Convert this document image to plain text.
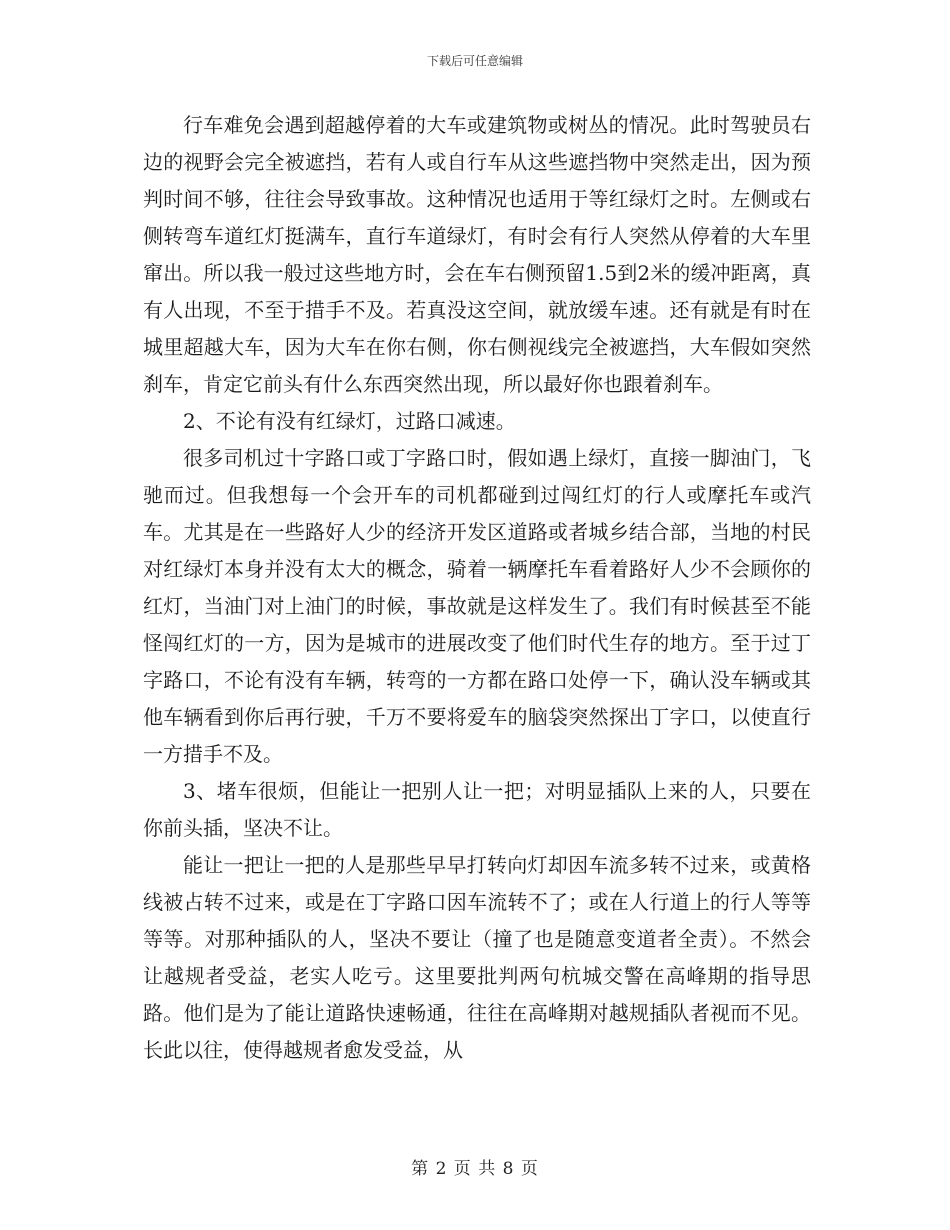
下载后可任意编辑

行车难免会遇到超越停着的大车或建筑物或树丛的情况。此时驾驶员右边的视野会完全被遮挡，若有人或自行车从这些遮挡物中突然走出，因为预判时间不够，往往会导致事故。这种情况也适用于等红绿灯之时。左侧或右侧转弯车道红灯挺满车，直行车道绿灯，有时会有行人突然从停着的大车里窜出。所以我一般过这些地方时，会在车右侧预留1.5到2米的缓冲距离，真有人出现，不至于措手不及。若真没这空间，就放缓车速。还有就是有时在城里超越大车，因为大车在你右侧，你右侧视线完全被遮挡，大车假如突然刹车，肯定它前头有什么东西突然出现，所以最好你也跟着刹车。

2、不论有没有红绿灯，过路口减速。

很多司机过十字路口或丁字路口时，假如遇上绿灯，直接一脚油门，飞驰而过。但我想每一个会开车的司机都碰到过闯红灯的行人或摩托车或汽车。尤其是在一些路好人少的经济开发区道路或者城乡结合部，当地的村民对红绿灯本身并没有太大的概念，骑着一辆摩托车看着路好人少不会顾你的红灯，当油门对上油门的时候，事故就是这样发生了。我们有时候甚至不能怪闯红灯的一方，因为是城市的进展改变了他们时代生存的地方。至于过丁字路口，不论有没有车辆，转弯的一方都在路口处停一下，确认没车辆或其他车辆看到你后再行驶，千万不要将爱车的脑袋突然探出丁字口，以使直行一方措手不及。

3、堵车很烦，但能让一把别人让一把；对明显插队上来的人，只要在你前头插，坚决不让。

能让一把让一把的人是那些早早打转向灯却因车流多转不过来，或黄格线被占转不过来，或是在丁字路口因车流转不了；或在人行道上的行人等等等等。对那种插队的人，坚决不要让（撞了也是随意变道者全责）。不然会让越规者受益，老实人吃亏。这里要批判两句杭城交警在高峰期的指导思路。他们是为了能让道路快速畅通，往往在高峰期对越规插队者视而不见。长此以往，使得越规者愈发受益，从

第 2 页 共 8 页
